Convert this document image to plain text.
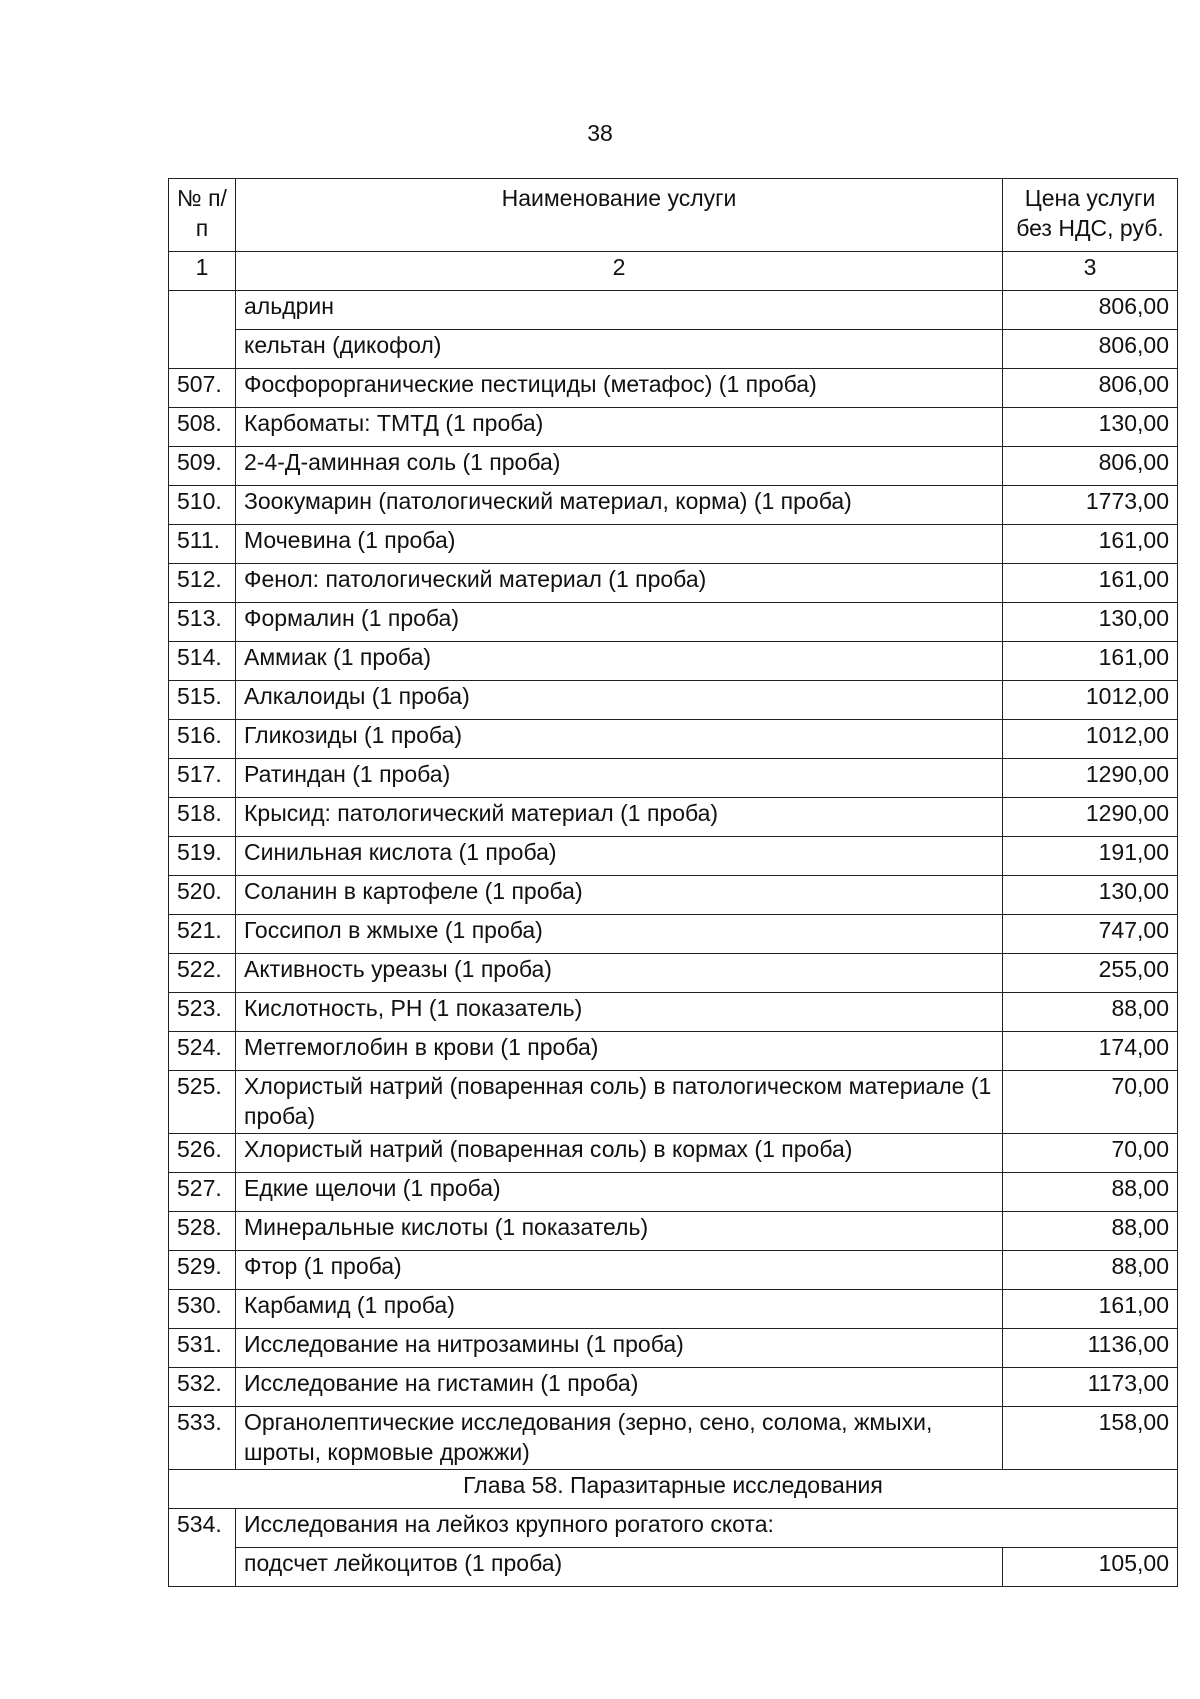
38
№ п/п	Наименование услуги	Цена услуги без НДС, руб.
1	2	3
	альдрин	806,00
	кельтан (дикофол)	806,00
507.	Фосфорорганические пестициды (метафос) (1 проба)	806,00
508.	Карбоматы: ТМТД (1 проба)	130,00
509.	2-4-Д-аминная соль (1 проба)	806,00
510.	Зоокумарин (патологический материал, корма) (1 проба)	1773,00
511.	Мочевина (1 проба)	161,00
512.	Фенол: патологический материал (1 проба)	161,00
513.	Формалин (1 проба)	130,00
514.	Аммиак (1 проба)	161,00
515.	Алкалоиды (1 проба)	1012,00
516.	Гликозиды (1 проба)	1012,00
517.	Ратиндан (1 проба)	1290,00
518.	Крысид: патологический материал (1 проба)	1290,00
519.	Синильная кислота (1 проба)	191,00
520.	Соланин в картофеле (1 проба)	130,00
521.	Госсипол в жмыхе (1 проба)	747,00
522.	Активность уреазы (1 проба)	255,00
523.	Кислотность, РН (1 показатель)	88,00
524.	Метгемоглобин в крови (1 проба)	174,00
525.	Хлористый натрий (поваренная соль) в патологическом материале (1 проба)	70,00
526.	Хлористый натрий (поваренная соль) в кормах (1 проба)	70,00
527.	Едкие щелочи (1 проба)	88,00
528.	Минеральные кислоты (1 показатель)	88,00
529.	Фтор (1 проба)	88,00
530.	Карбамид (1 проба)	161,00
531.	Исследование на нитрозамины (1 проба)	1136,00
532.	Исследование на гистамин (1 проба)	1173,00
533.	Органолептические исследования (зерно, сено, солома, жмыхи, шроты, кормовые дрожжи)	158,00
Глава 58. Паразитарные исследования		
534.	Исследования на лейкоз крупного рогатого скота:	
	подсчет лейкоцитов (1 проба)	105,00
